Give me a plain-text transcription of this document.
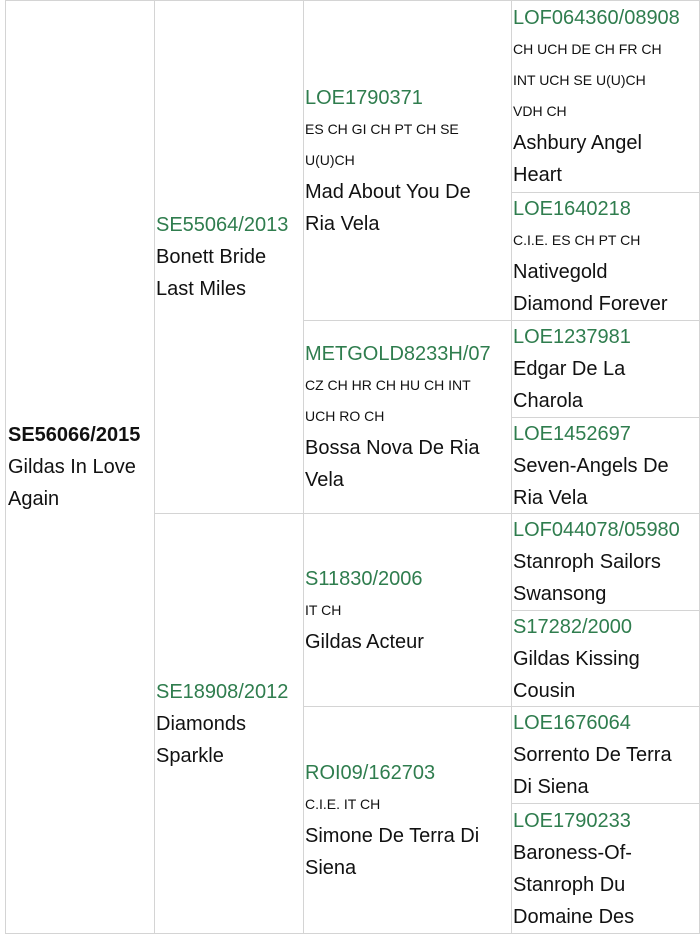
SE56066/2015
Gildas In Love
Again
SE55064/2013
Bonett Bride
Last Miles
SE18908/2012
Diamonds
Sparkle
LOE1790371
ES CH GI CH PT CH SE
U(U)CH
Mad About You De
Ria Vela
METGOLD8233H/07
CZ CH HR CH HU CH INT
UCH RO CH
Bossa Nova De Ria
Vela
S11830/2006
IT CH
Gildas Acteur
ROI09/162703
C.I.E. IT CH
Simone De Terra Di
Siena
LOF064360/08908
CH UCH DE CH FR CH
INT UCH SE U(U)CH
VDH CH
Ashbury Angel
Heart
LOE1640218
C.I.E. ES CH PT CH
Nativegold
Diamond Forever
LOE1237981
Edgar De La
Charola
LOE1452697
Seven-Angels De
Ria Vela
LOF044078/05980
Stanroph Sailors
Swansong
S17282/2000
Gildas Kissing
Cousin
LOE1676064
Sorrento De Terra
Di Siena
LOE1790233
Baroness-Of-
Stanroph Du
Domaine Des
